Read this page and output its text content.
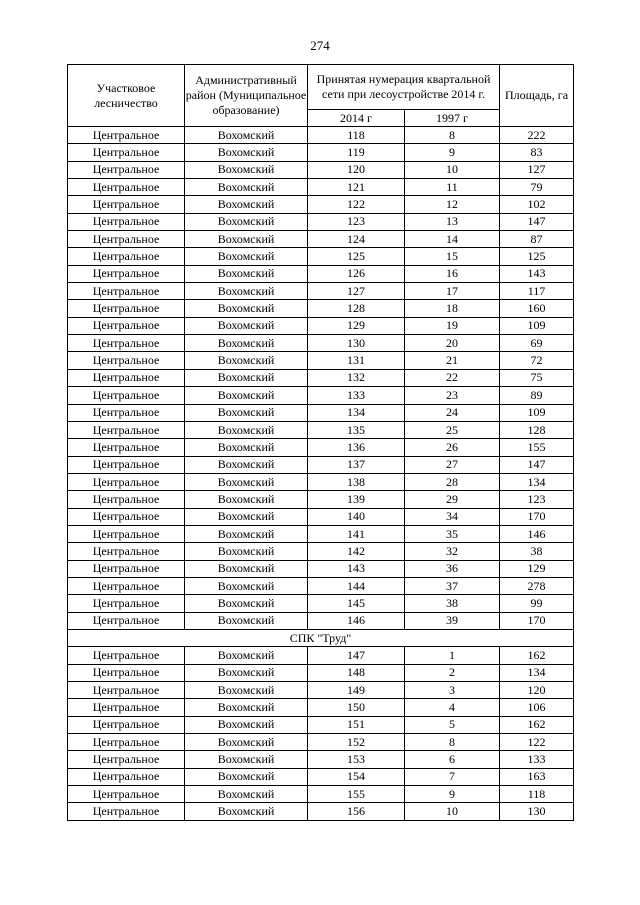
274
Участковое лесничество	Административный район (Муниципальное образование)	Принятая нумерация квартальной сети при лесоустройстве 2014 г.		Площадь, га
		2014 г	1997 г	
Центральное	Вохомский	118	8	222
Центральное	Вохомский	119	9	83
Центральное	Вохомский	120	10	127
Центральное	Вохомский	121	11	79
Центральное	Вохомский	122	12	102
Центральное	Вохомский	123	13	147
Центральное	Вохомский	124	14	87
Центральное	Вохомский	125	15	125
Центральное	Вохомский	126	16	143
Центральное	Вохомский	127	17	117
Центральное	Вохомский	128	18	160
Центральное	Вохомский	129	19	109
Центральное	Вохомский	130	20	69
Центральное	Вохомский	131	21	72
Центральное	Вохомский	132	22	75
Центральное	Вохомский	133	23	89
Центральное	Вохомский	134	24	109
Центральное	Вохомский	135	25	128
Центральное	Вохомский	136	26	155
Центральное	Вохомский	137	27	147
Центральное	Вохомский	138	28	134
Центральное	Вохомский	139	29	123
Центральное	Вохомский	140	34	170
Центральное	Вохомский	141	35	146
Центральное	Вохомский	142	32	38
Центральное	Вохомский	143	36	129
Центральное	Вохомский	144	37	278
Центральное	Вохомский	145	38	99
Центральное	Вохомский	146	39	170
СПК "Труд"				
Центральное	Вохомский	147	1	162
Центральное	Вохомский	148	2	134
Центральное	Вохомский	149	3	120
Центральное	Вохомский	150	4	106
Центральное	Вохомский	151	5	162
Центральное	Вохомский	152	8	122
Центральное	Вохомский	153	6	133
Центральное	Вохомский	154	7	163
Центральное	Вохомский	155	9	118
Центральное	Вохомский	156	10	130
